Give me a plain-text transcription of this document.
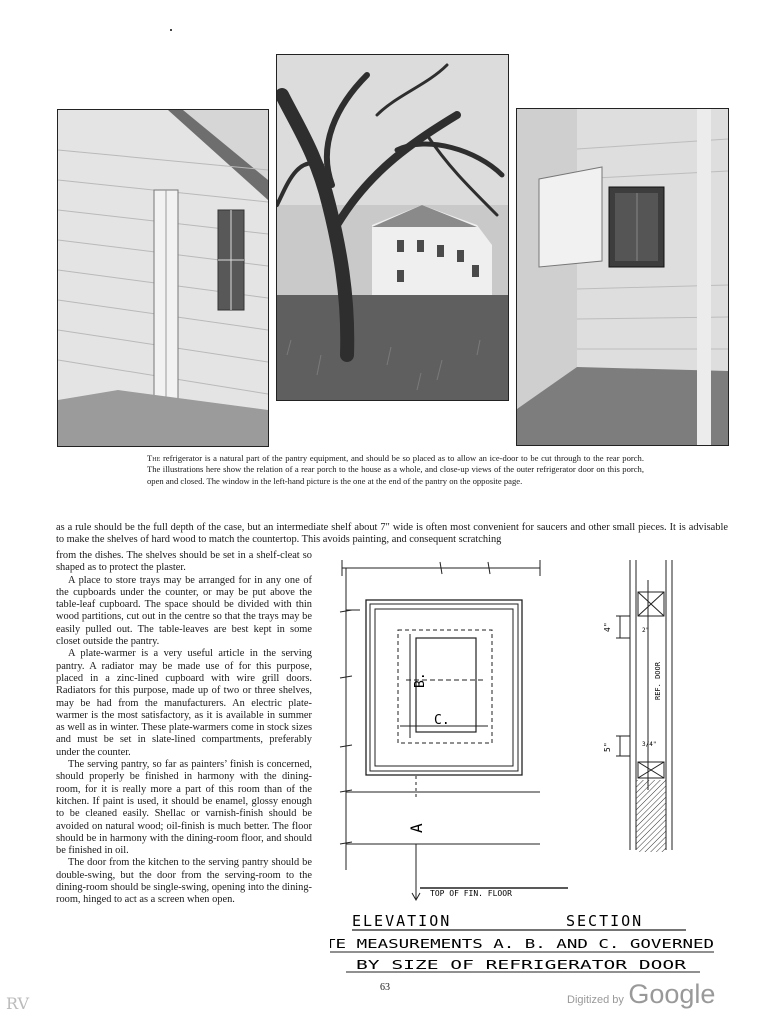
The refrigerator is a natural part of the pantry equipment, and should be so placed as to allow an ice-door to be cut through to the rear porch. The illustrations here show the relation of a rear porch to the house as a whole, and close-up views of the outer refrigerator door on this porch, open and closed. The window in the left-hand picture is the one at the end of the pantry on the opposite page.

as a rule should be the full depth of the case, but an intermediate shelf about 7″ wide is often most convenient for saucers and other small pieces. It is advisable to make the shelves of hard wood to match the countertop. This avoids painting, and consequent scratching

from the dishes. The shelves should be set in a shelf-cleat so shaped as to protect the plaster.

A place to store trays may be arranged for in any one of the cupboards under the counter, or may be put above the table-leaf cupboard. The space should be divided with thin wood partitions, cut out in the centre so that the trays may be easily pulled out. The table-leaves are best kept in some closet outside the pantry.

A plate-warmer is a very useful article in the serving pantry. A radiator may be made use of for this purpose, placed in a zinc-lined cupboard with wire grill doors. Radiators for this purpose, made up of two or three shelves, may be had from the manufacturers. An electric plate-warmer is the most satisfactory, as it is available in summer as well as in winter. These plate-warmers come in stock sizes and must be set in slate-lined compartments, preferably under the counter.

The serving pantry, so far as painters’ finish is concerned, should properly be finished in harmony with the dining-room, for it is really more a part of this room than of the kitchen. If paint is used, it should be enamel, glossy enough to be cleaned easily. Shellac or varnish-finish should be avoided on natural wood; oil-finish is much better. The floor should be in harmony with the dining-room floor, and should be finished in oil.

The door from the kitchen to the serving pantry should be double-swing, but the door from the serving-room to the dining-room should be single-swing, opening into the dining-room, hinged to act as a screen when open.

B.
C.
A
TOP OF FIN. FLOOR
REF. DOOR
4"
5"	3/4"
2"
ELEVATION	SECTION
NOTE MEASUREMENTS A. B. AND C. GOVERNED
BY SIZE OF REFRIGERATOR DOOR
63
Digitized by Google
RV
